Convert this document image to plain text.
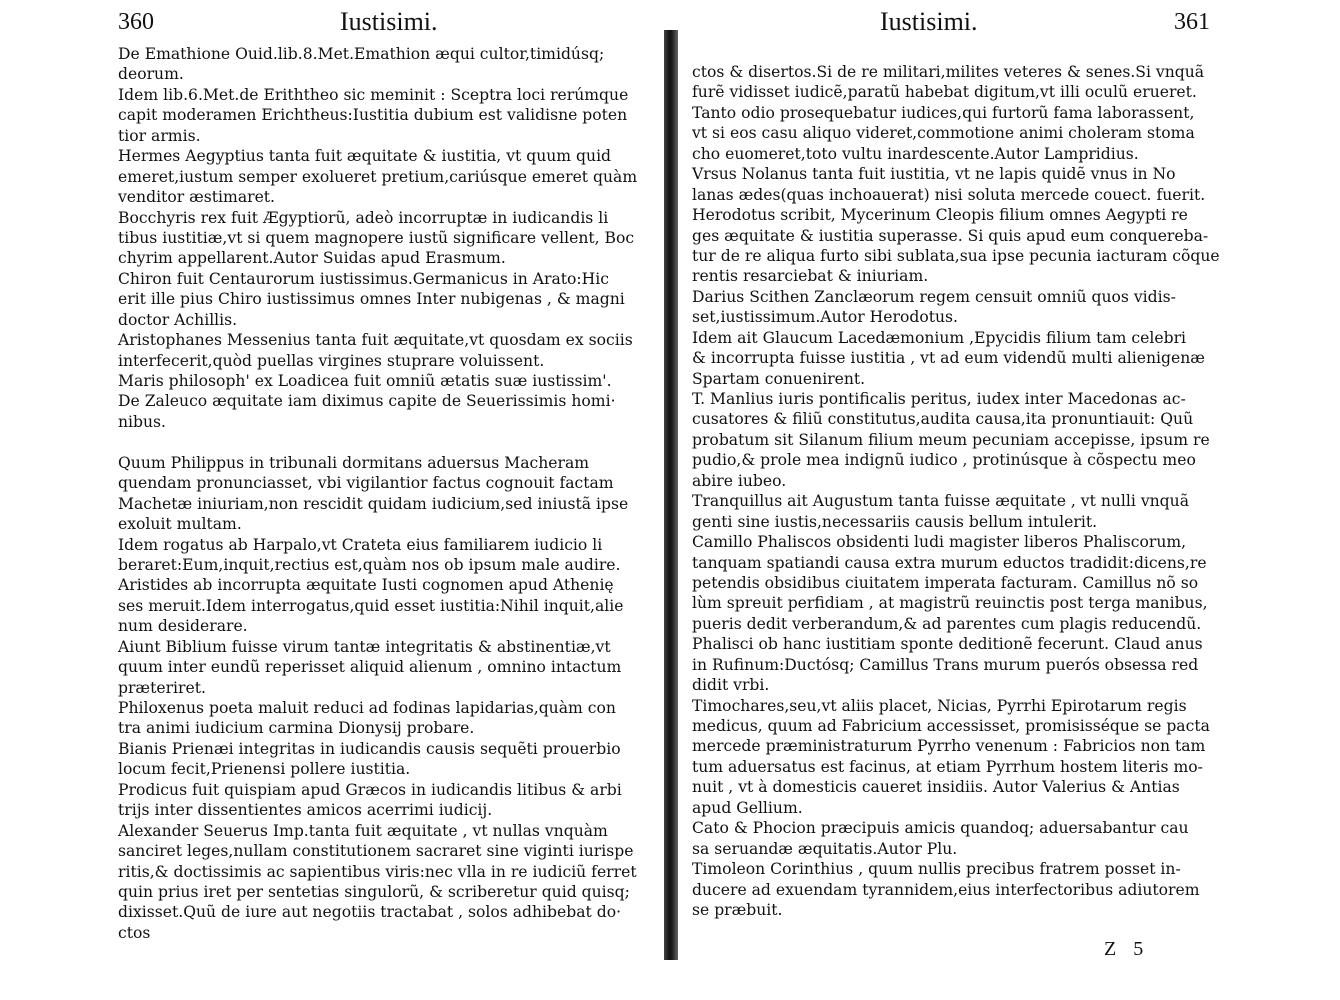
360	Iustisimi.
De Emathione Ouid.lib.8.Met.Emathion æqui cultor,timidúsq;
deorum.
Idem lib.6.Met.de Eriththeo sic meminit : Sceptra loci rerúmque
capit moderamen Erichtheus:Iustitia dubium est validisne poten
tior armis.
Hermes Aegyptius tanta fuit æquitate & iustitia, vt quum quid
emeret,iustum semper exolueret pretium,cariúsque emeret quàm
venditor æstimaret.
Bocchyris rex fuit Ægyptiorũ, adeò incorruptæ in iudicandis li
tibus iustitiæ,vt si quem magnopere iustũ significare vellent, Boc
chyrim appellarent.Autor Suidas apud Erasmum.
Chiron fuit Centaurorum iustissimus.Germanicus in Arato:Hic
erit ille pius Chiro iustissimus omnes Inter nubigenas , & magni
doctor Achillis.
Aristophanes Messenius tanta fuit æquitate,vt quosdam ex sociis
interfecerit,quòd puellas virgines stuprare voluissent.
Maris philosoph' ex Loadicea fuit omniũ ætatis suæ iustissim'.
De Zaleuco æquitate iam diximus capite de Seuerissimis homi·
nibus.
Quum Philippus in tribunali dormitans aduersus Macheram
quendam pronunciasset, vbi vigilantior factus cognouit factam
Machetæ iniuriam,non rescidit quidam iudicium,sed iniustã ipse
exoluit multam.
Idem rogatus ab Harpalo,vt Crateta eius familiarem iudicio li
beraret:Eum,inquit,rectius est,quàm nos ob ipsum male audire.
Aristides ab incorrupta æquitate Iusti cognomen apud Athenię
ses meruit.Idem interrogatus,quid esset iustitia:Nihil inquit,alie
num desiderare.
Aiunt Biblium fuisse virum tantæ integritatis & abstinentiæ,vt
quum inter eundũ reperisset aliquid alienum , omnino intactum
præteriret.
Philoxenus poeta maluit reduci ad fodinas lapidarias,quàm con
tra animi iudicium carmina Dionysij probare.
Bianis Prienæi integritas in iudicandis causis sequẽti prouerbio
locum fecit,Prienensi pollere iustitia.
Prodicus fuit quispiam apud Græcos in iudicandis litibus & arbi
trijs inter dissentientes amicos acerrimi iudicij.
Alexander Seuerus Imp.tanta fuit æquitate , vt nullas vnquàm
sanciret leges,nullam constitutionem sacraret sine viginti iurispe
ritis,& doctissimis ac sapientibus viris:nec vlla in re iudiciũ ferret
quin prius iret per sentetias singulorũ, & scriberetur quid quisq;
dixisset.Quũ de iure aut negotiis tractabat , solos adhibebat do·
ctos
Iustisimi.	361
ctos & disertos.Si de re militari,milites veteres & senes.Si vnquã
furẽ vidisset iudicẽ,paratũ habebat digitum,vt illi oculũ erueret.
Tanto odio prosequebatur iudices,qui furtorũ fama laborassent,
vt si eos casu aliquo videret,commotione animi choleram stoma
cho euomeret,toto vultu inardescente.Autor Lampridius.
Vrsus Nolanus tanta fuit iustitia, vt ne lapis quidẽ vnus in No
lanas ædes(quas inchoauerat) nisi soluta mercede couect. fuerit.
Herodotus scribit, Mycerinum Cleopis filium omnes Aegypti re
ges æquitate & iustitia superasse. Si quis apud eum conquereba-
tur de re aliqua furto sibi sublata,sua ipse pecunia iacturam cõque
rentis resarciebat & iniuriam.
Darius Scithen Zanclæorum regem censuit omniũ quos vidis-
set,iustissimum.Autor Herodotus.
Idem ait Glaucum Lacedæmonium ,Epycidis filium tam celebri
& incorrupta fuisse iustitia , vt ad eum videndũ multi alienigenæ
Spartam conuenirent.
T. Manlius iuris pontificalis peritus, iudex inter Macedonas ac-
cusatores & filiũ constitutus,audita causa,ita pronuntiauit: Quũ
probatum sit Silanum filium meum pecuniam accepisse, ipsum re
pudio,& prole mea indignũ iudico , protinúsque à cõspectu meo
abire iubeo.
Tranquillus ait Augustum tanta fuisse æquitate , vt nulli vnquã
genti sine iustis,necessariis causis bellum intulerit.
Camillo Phaliscos obsidenti ludi magister liberos Phaliscorum,
tanquam spatiandi causa extra murum eductos tradidit:dicens,re
petendis obsidibus ciuitatem imperata facturam. Camillus nõ so
lùm spreuit perfidiam , at magistrũ reuinctis post terga manibus,
pueris dedit verberandum,& ad parentes cum plagis reducendũ.
Phalisci ob hanc iustitiam sponte deditionẽ fecerunt. Claud anus
in Rufinum:Ductósq; Camillus Trans murum puerós obsessa red
didit vrbi.
Timochares,seu,vt aliis placet, Nicias, Pyrrhi Epirotarum regis
medicus, quum ad Fabricium accessisset, promisisséque se pacta
mercede præministraturum Pyrrho venenum : Fabricios non tam
tum aduersatus est facinus, at etiam Pyrrhum hostem literis mo-
nuit , vt à domesticis caueret insidiis. Autor Valerius & Antias
apud Gellium.
Cato & Phocion præcipuis amicis quandoq; aduersabantur cau
sa seruandæ æquitatis.Autor Plu.
Timoleon Corinthius , quum nullis precibus fratrem posset in-
ducere ad exuendam tyrannidem,eius interfectoribus adiutorem
se præbuit.
Z 5
